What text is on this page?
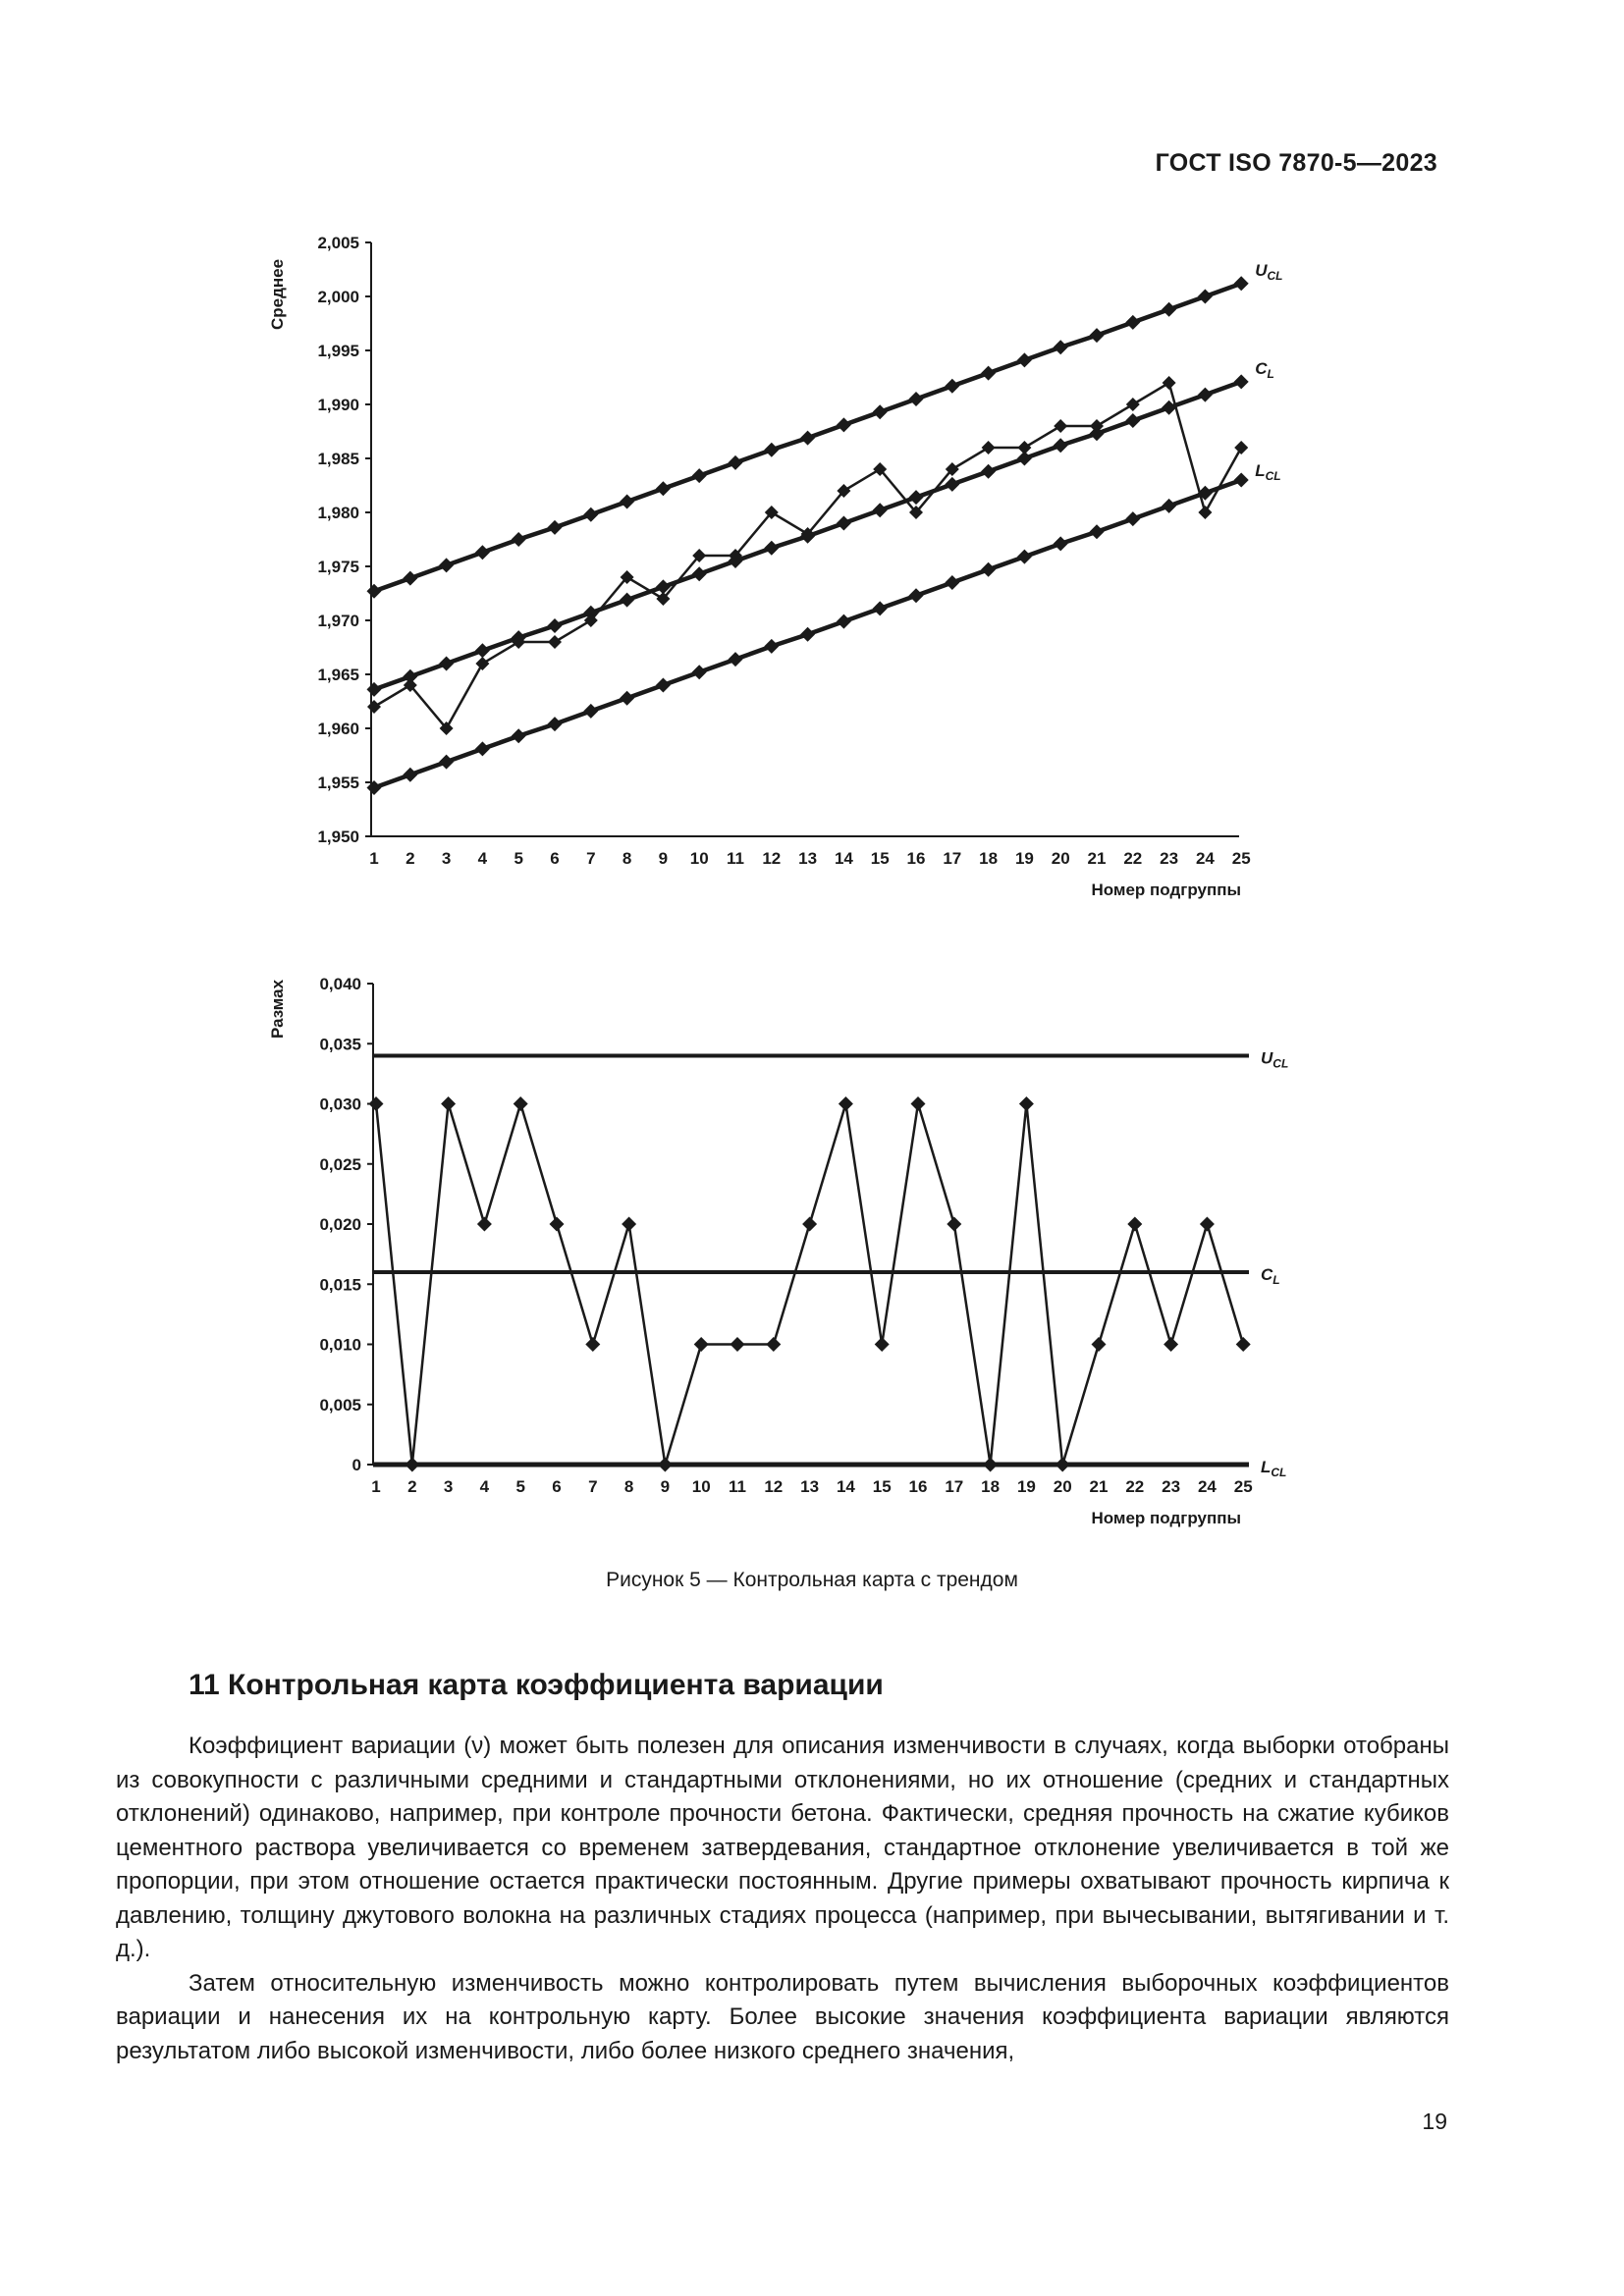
ГОСТ ISO 7870-5—2023
1,950
1,955
1,960
1,965
1,970
1,975
1,980
1,985
1,990
1,995
2,000
2,005
1 2 3 4 5 6 7 8 9 10 11 12 13 14 15 16 17 18 19 20 21 22 23 24 25
Среднее
Номер подгруппы
$U_{CL}$
$C_L$
$L_{CL}$
0
0,005
0,010
0,015
0,020
0,025
0,030
0,035
0,040
1 2 3 4 5 6 7 8 9 10 11 12 13 14 15 16 17 18 19 20 21 22 23 24 25
Размах
Номер подгруппы
$U_{CL}$
$C_L$
$L_{CL}$
Рисунок 5 — Контрольная карта с трендом
11 Контрольная карта коэффициента вариации

Коэффициент вариации (ν) может быть полезен для описания изменчивости в случаях, когда выборки отобраны из совокупности с различными средними и стандартными отклонениями, но их отношение (средних и стандартных отклонений) одинаково, например, при контроле прочности бетона. Фактически, средняя прочность на сжатие кубиков цементного раствора увеличивается со временем затвердевания, стандартное отклонение увеличивается в той же пропорции, при этом отношение остается практически постоянным. Другие примеры охватывают прочность кирпича к давлению, толщину джутового волокна на различных стадиях процесса (например, при вычесывании, вытягивании и т. д.).

Затем относительную изменчивость можно контролировать путем вычисления выборочных коэффициентов вариации и нанесения их на контрольную карту. Более высокие значения коэффициента вариации являются результатом либо высокой изменчивости, либо более низкого среднего значения,

19
